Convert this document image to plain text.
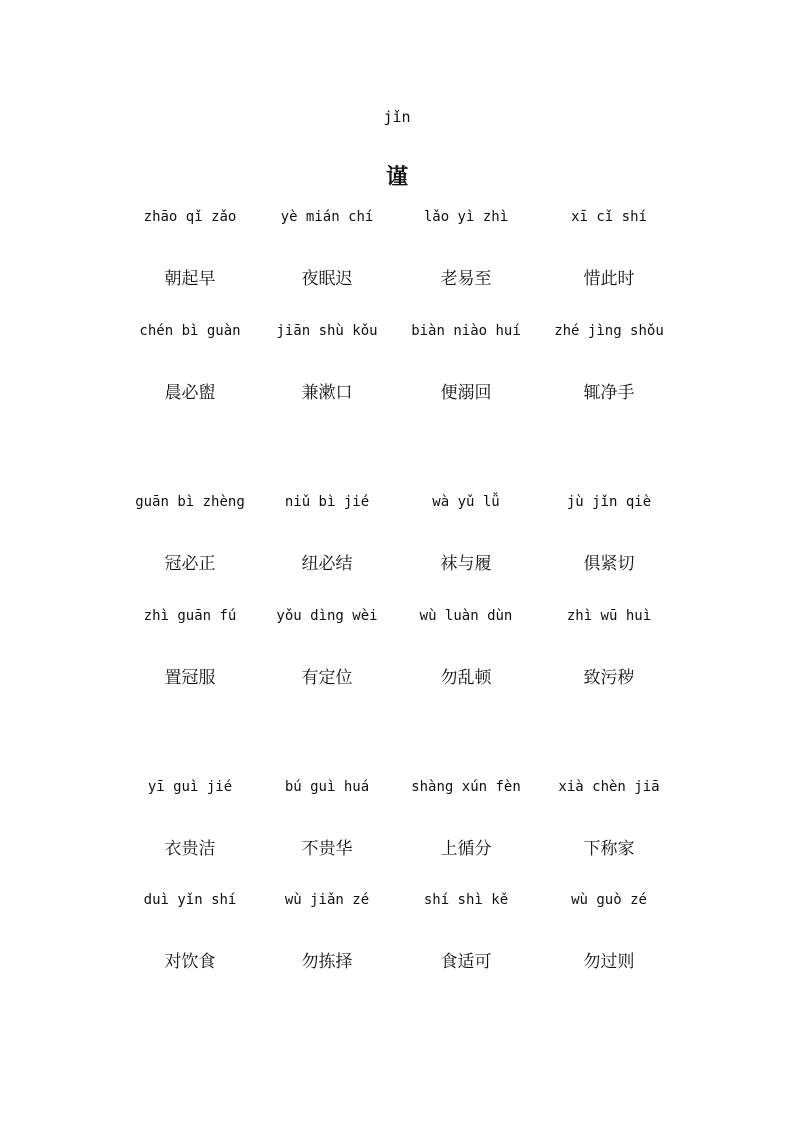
jǐn
谨
zhāo qǐ zǎo	yè mián chí	lǎo yì zhì	xī cǐ shí
朝起早	夜眠迟	老易至	惜此时
chén bì guàn	jiān shù kǒu	biàn niào huí	zhé jìng shǒu
晨必盥	兼漱口	便溺回	辄净手
guān bì zhèng	niǔ bì jié	wà yǔ lǚ	jù jǐn qiè
冠必正	纽必结	袜与履	俱紧切
zhì guān fú	yǒu dìng wèi	wù luàn dùn	zhì wū huì
置冠服	有定位	勿乱顿	致污秽
yī guì jié	bú guì huá	shàng xún fèn	xià chèn jiā
衣贵洁	不贵华	上循分	下称家
duì yǐn shí	wù jiǎn zé	shí shì kě	wù guò zé
对饮食	勿拣择	食适可	勿过则
